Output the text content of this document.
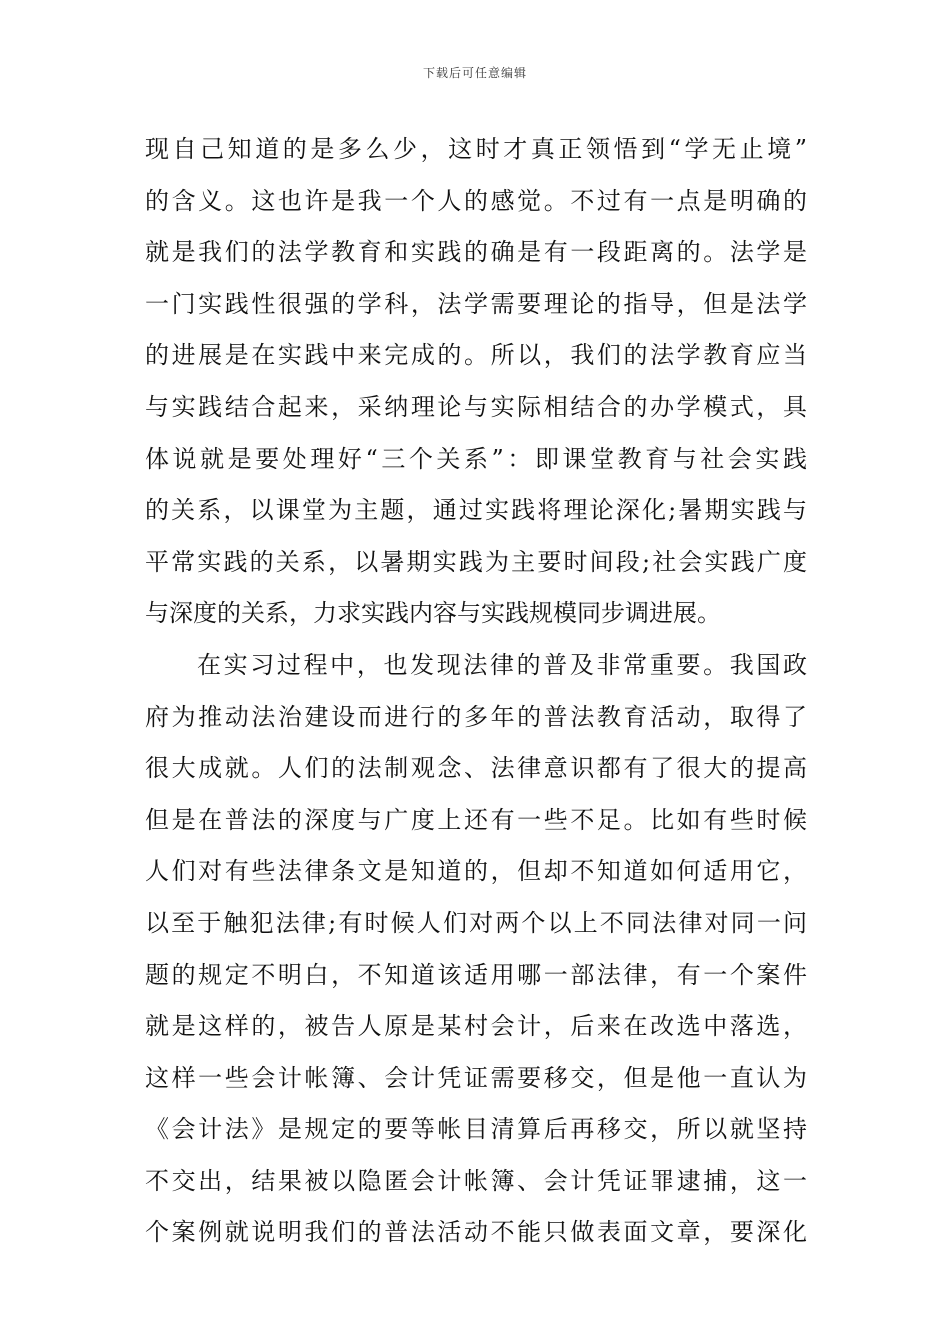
下载后可任意编辑
现自己知道的是多么少，这时才真正领悟到“学无止境”
的含义。这也许是我一个人的感觉。不过有一点是明确的
就是我们的法学教育和实践的确是有一段距离的。法学是
一门实践性很强的学科，法学需要理论的指导，但是法学
的进展是在实践中来完成的。所以，我们的法学教育应当
与实践结合起来，采纳理论与实际相结合的办学模式，具
体说就是要处理好“三个关系”：即课堂教育与社会实践
的关系，以课堂为主题，通过实践将理论深化;暑期实践与
平常实践的关系，以暑期实践为主要时间段;社会实践广度
与深度的关系，力求实践内容与实践规模同步调进展。
在实习过程中，也发现法律的普及非常重要。我国政
府为推动法治建设而进行的多年的普法教育活动，取得了
很大成就。人们的法制观念、法律意识都有了很大的提高
但是在普法的深度与广度上还有一些不足。比如有些时候
人们对有些法律条文是知道的，但却不知道如何适用它，
以至于触犯法律;有时候人们对两个以上不同法律对同一问
题的规定不明白，不知道该适用哪一部法律，有一个案件
就是这样的，被告人原是某村会计，后来在改选中落选，
这样一些会计帐簿、会计凭证需要移交，但是他一直认为
《会计法》是规定的要等帐目清算后再移交，所以就坚持
不交出，结果被以隐匿会计帐簿、会计凭证罪逮捕，这一
个案例就说明我们的普法活动不能只做表面文章，要深化
